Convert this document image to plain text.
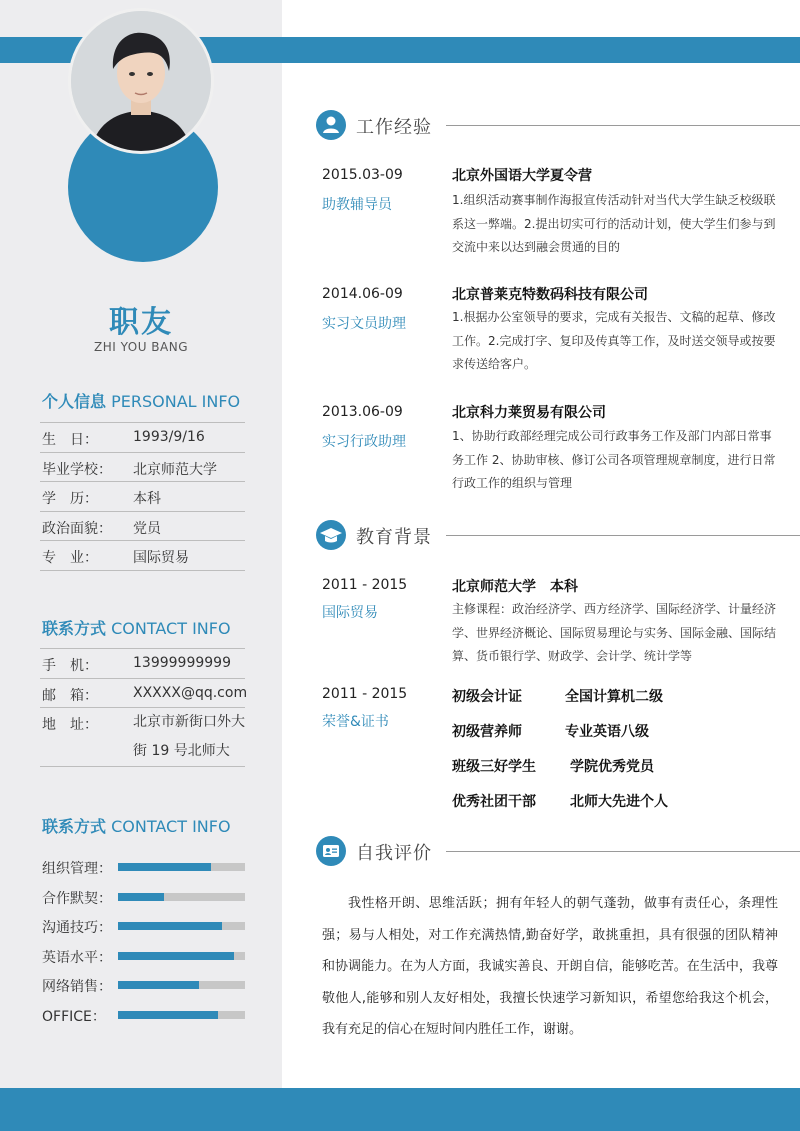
职友
ZHI YOU BANG
个人信息 PERSONAL INFO
生　日：	1993/9/16
毕业学校： 北京师范大学
学　历：	本科
政治面貌： 党员
专　业：	国际贸易
联系方式 CONTACT INFO
手　机：	13999999999
邮　箱：	XXXXX@qq.com
地　址：	北京市新街口外大街 19 号北师大
联系方式 CONTACT INFO
组织管理：
合作默契：
沟通技巧：
英语水平：
网络销售：
OFFICE：
工作经验
2015.03-09
助教辅导员
北京外国语大学夏令营
1.组织活动赛事制作海报宣传活动针对当代大学生缺乏校级联系这一弊端。2.提出切实可行的活动计划，使大学生们参与到交流中来以达到融会贯通的目的
2014.06-09
实习文员助理
北京普莱克特数码科技有限公司
1.根据办公室领导的要求，完成有关报告、文稿的起草、修改工作。2.完成打字、复印及传真等工作，及时送交领导或按要求传送给客户。
2013.06-09
实习行政助理
北京科力莱贸易有限公司
1、协助行政部经理完成公司行政事务工作及部门内部日常事务工作 2、协助审核、修订公司各项管理规章制度，进行日常行政工作的组织与管理
教育背景
2011 - 2015
国际贸易
北京师范大学　本科
主修课程：政治经济学、西方经济学、国际经济学、计量经济学、世界经济概论、国际贸易理论与实务、国际金融、国际结算、货币银行学、财政学、会计学、统计学等
2011 - 2015
荣誉&证书
初级会计证	全国计算机二级
初级营养师	专业英语八级
班级三好学生 学院优秀党员
优秀社团干部 北师大先进个人
自我评价
我性格开朗、思维活跃；拥有年轻人的朝气蓬勃，做事有责任心，条理性强；易与人相处，对工作充满热情,勤奋好学，敢挑重担，具有很强的团队精神和协调能力。在为人方面，我诚实善良、开朗自信，能够吃苦。在生活中，我尊敬他人,能够和别人友好相处，我擅长快速学习新知识，希望您给我这个机会，我有充足的信心在短时间内胜任工作，谢谢。
